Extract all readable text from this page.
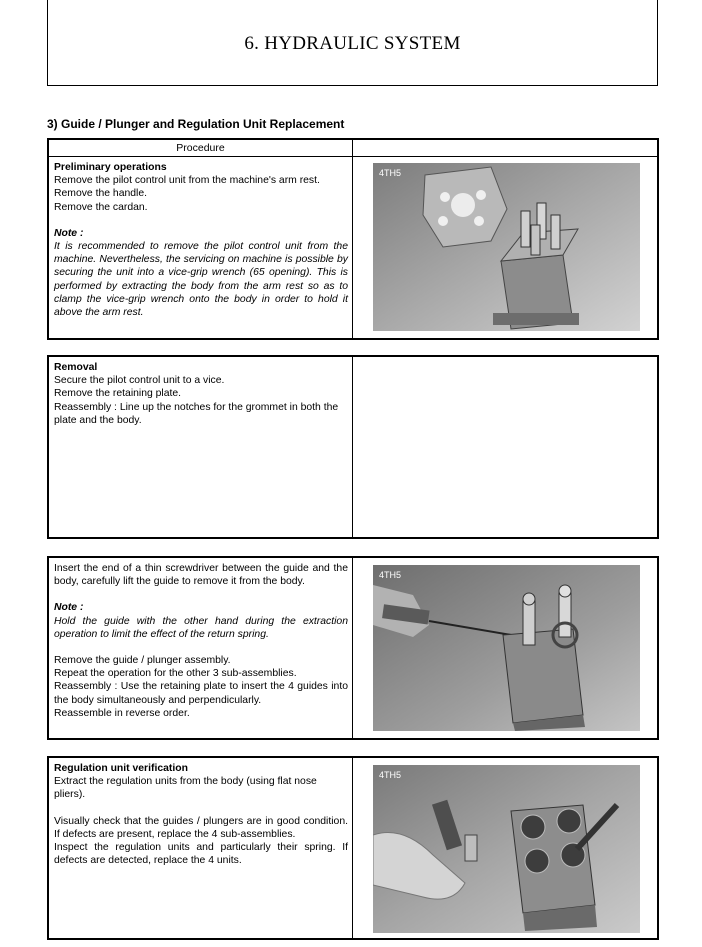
6. HYDRAULIC SYSTEM
3) Guide / Plunger and Regulation Unit Replacement
Procedure
Preliminary operations
Remove the pilot control unit from the machine's arm rest.
Remove the handle.
Remove the cardan.
Note :
It is recommended to remove the pilot control unit from the machine. Nevertheless, the servicing on machine is possible by securing the unit into a vice-grip wrench (65 opening). This is performed by extracting the body from the arm rest so as to clamp the vice-grip wrench onto the body in order to hold it above the arm rest.
4TH5
Removal
Secure the pilot control unit to a vice.
Remove the retaining plate.
Reassembly : Line up the notches for the grommet in both the plate and the body.
Insert the end of a thin screwdriver between the guide and the body, carefully lift the guide to remove it from the body.
Note :
Hold the guide with the other hand during the extraction operation to limit the effect of the return spring.
Remove the guide / plunger assembly.
Repeat the operation for the other 3 sub-assemblies.
Reassembly : Use the retaining plate to insert the 4 guides into the body simultaneously and perpendicularly.
Reassemble in reverse order.
4TH5
Regulation unit verification
Extract the regulation units from the body (using flat nose pliers).
Visually check that the guides / plungers are in good condition. If defects are present, replace the 4 sub-assemblies.
Inspect the regulation units and particularly their spring. If defects are detected, replace the 4 units.
4TH5
